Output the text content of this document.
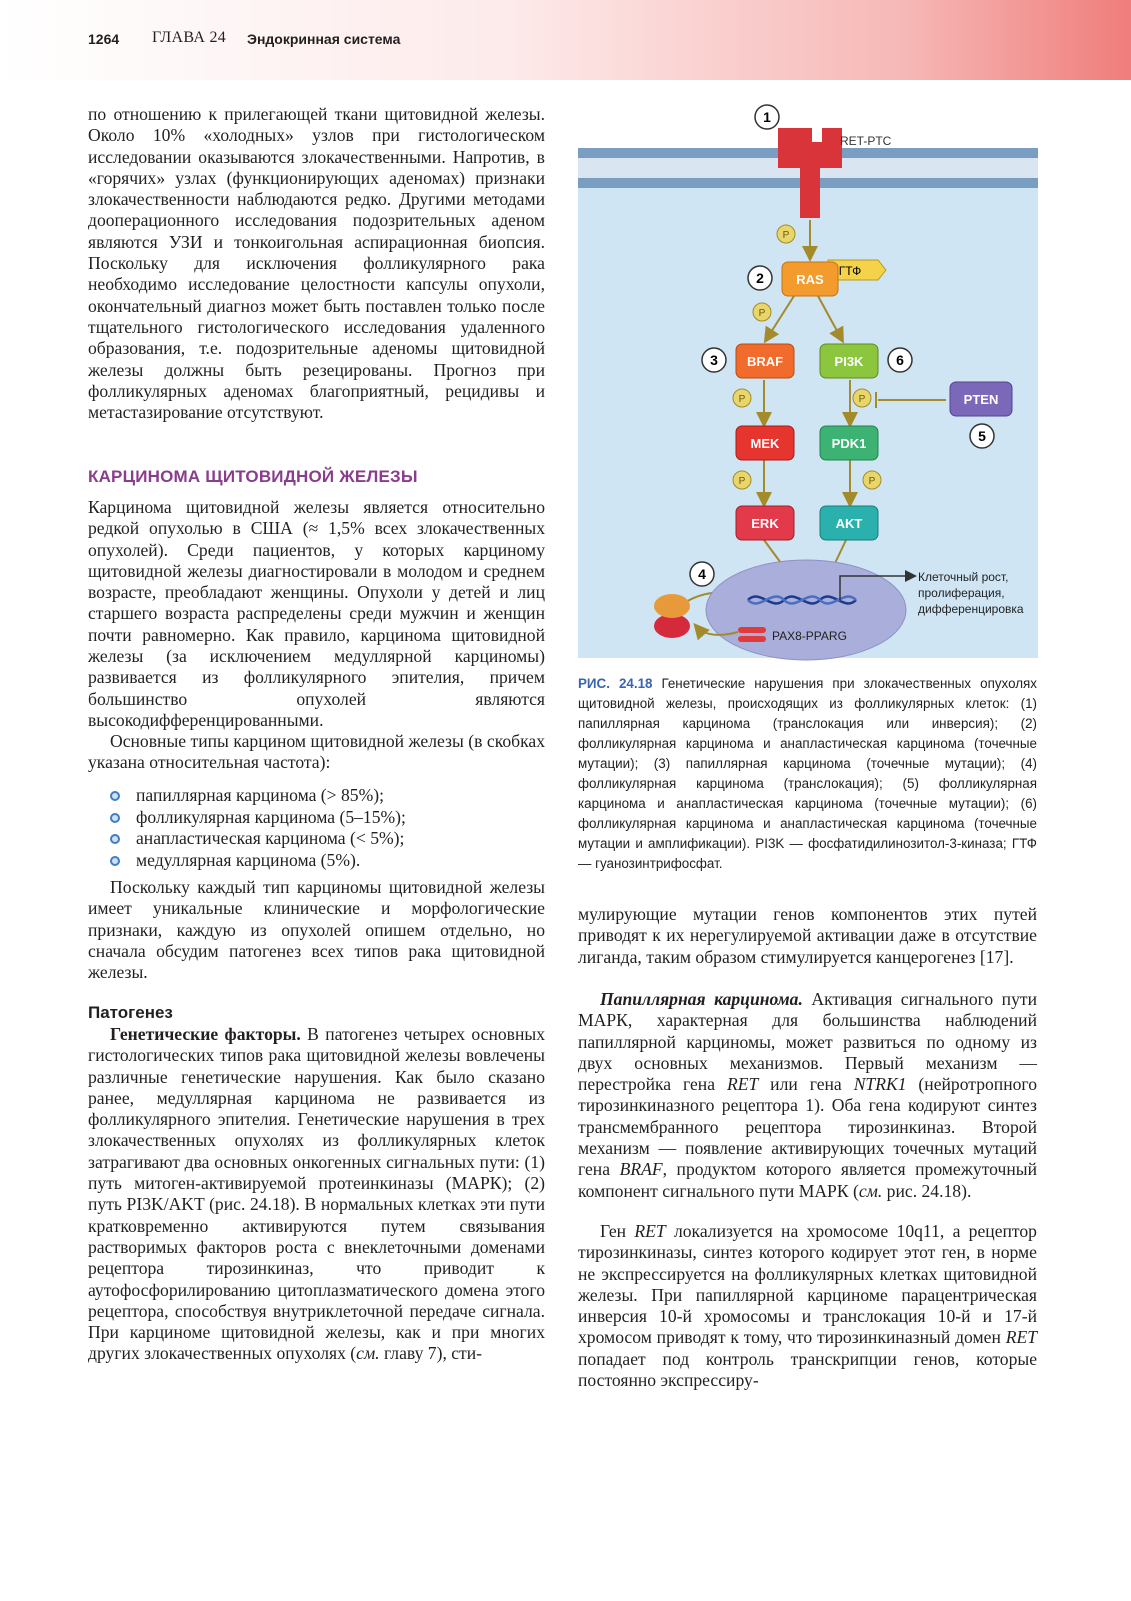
1264 ГЛАВА 24 Эндокринная система

по отношению к прилегающей ткани щитовидной железы. Около 10% «холодных» узлов при гистологическом исследовании оказываются злокачественными. Напротив, в «горячих» узлах (функционирующих аденомах) признаки злокачественности наблюдаются редко. Другими методами дооперационного исследования подозрительных аденом являются УЗИ и тонкоигольная аспирационная биопсия. Поскольку для исключения фолликулярного рака необходимо исследование целостности капсулы опухоли, окончательный диагноз может быть поставлен только после тщательного гистологического исследования удаленного образования, т.е. подозрительные аденомы щитовидной железы должны быть резецированы. Прогноз при фолликулярных аденомах благоприятный, рецидивы и метастазирование отсутствуют.

КАРЦИНОМА ЩИТОВИДНОЙ ЖЕЛЕЗЫ

Карцинома щитовидной железы является относительно редкой опухолью в США (≈ 1,5% всех злокачественных опухолей). Среди пациентов, у которых карциному щитовидной железы диагностировали в молодом и среднем возрасте, преобладают женщины. Опухоли у детей и лиц старшего возраста распределены среди мужчин и женщин почти равномерно. Как правило, карцинома щитовидной железы (за исключением медуллярной карциномы) развивается из фолликулярного эпителия, причем большинство опухолей являются высокодифференцированными.

Основные типы карцином щитовидной железы (в скобках указана относительная частота):

папиллярная карцинома (> 85%);
фолликулярная карцинома (5–15%);
анапластическая карцинома (< 5%);
медуллярная карцинома (5%).

Поскольку каждый тип карциномы щитовидной железы имеет уникальные клинические и морфологические признаки, каждую из опухолей опишем отдельно, но сначала обсудим патогенез всех типов рака щитовидной железы.

Патогенез

Генетические факторы. В патогенез четырех основных гистологических типов рака щитовидной железы вовлечены различные генетические нарушения. Как было сказано ранее, медуллярная карцинома не развивается из фолликулярного эпителия. Генетические нарушения в трех злокачественных опухолях из фолликулярных клеток затрагивают два основных онкогенных сигнальных пути: (1) путь митоген-активируемой протеинкиназы (МАРК); (2) путь PI3K/AKT (рис. 24.18). В нормальных клетках эти пути кратковременно активируются путем связывания растворимых факторов роста с внеклеточными доменами рецептора тирозинкиназ, что приводит к аутофосфорилированию цитоплазматического домена этого рецептора, способствуя внутриклеточной передаче сигнала. При карциноме щитовидной железы, как и при многих других злокачественных опухолях (см. главу 7), сти-

RET-PTC
1
P
P
P
P	P
P
ГТФ
RAS
2
BRAF
3	PI3K 6
PTEN
5
MEK	PDK1
ERK	AKT
PAX8-PPARG
4	Клеточный рост,
пролиферация,
дифференцировка

РИС. 24.18 Генетические нарушения при злокачественных опухолях щитовидной железы, происходящих из фолликулярных клеток: (1) папиллярная карцинома (транслокация или инверсия); (2) фолликулярная карцинома и анапластическая карцинома (точечные мутации); (3) папиллярная карцинома (точечные мутации); (4) фолликулярная карцинома (транслокация); (5) фолликулярная карцинома и анапластическая карцинома (точечные мутации); (6) фолликулярная карцинома и анапластическая карцинома (точечные мутации и амплификации). PI3K — фосфатидилинозитол-3-киназа; ГТФ — гуанозинтрифосфат.

мулирующие мутации генов компонентов этих путей приводят к их нерегулируемой активации даже в отсутствие лиганда, таким образом стимулируется канцерогенез [17].

Папиллярная карцинома. Активация сигнального пути МАРК, характерная для большинства наблюдений папиллярной карциномы, может развиться по одному из двух основных механизмов. Первый механизм — перестройка гена RET или гена NTRK1 (нейротропного тирозинкиназного рецептора 1). Оба гена кодируют синтез трансмембранного рецептора тирозинкиназ. Второй механизм — появление активирующих точечных мутаций гена BRAF, продуктом которого является промежуточный компонент сигнального пути МАРК (см. рис. 24.18).

Ген RET локализуется на хромосоме 10q11, а рецептор тирозинкиназы, синтез которого кодирует этот ген, в норме не экспрессируется на фолликулярных клетках щитовидной железы. При папиллярной карциноме парацентрическая инверсия 10-й хромосомы и транслокация 10-й и 17-й хромосом приводят к тому, что тирозинкиназный домен RET попадает под контроль транскрипции генов, которые постоянно экспрессиру-
